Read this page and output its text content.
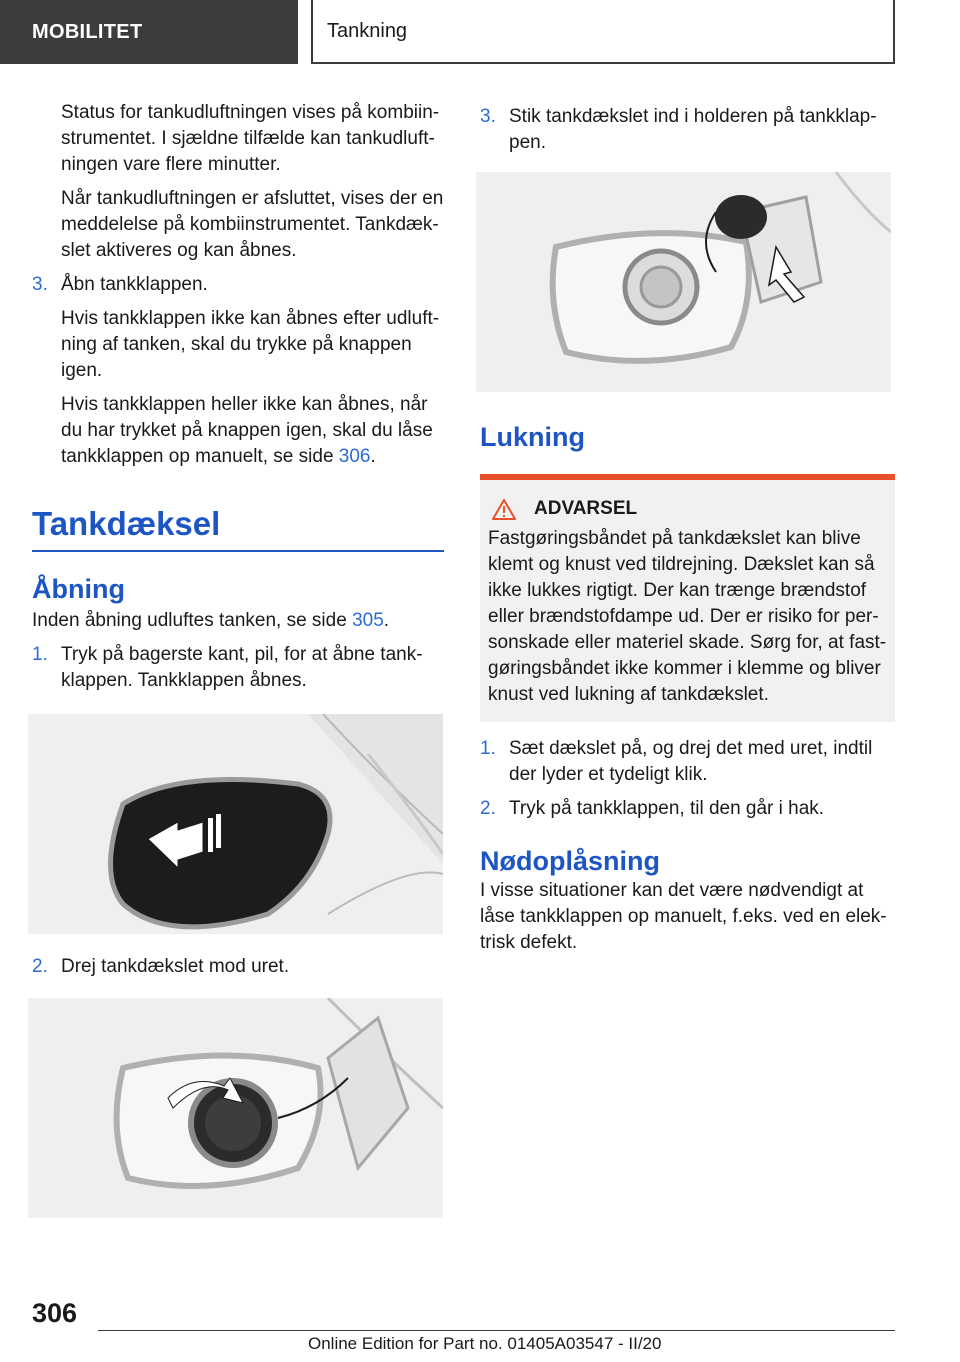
MOBILITET	Tankning

Status for tankudluftningen vises på kombiin-strumentet. I sjældne tilfælde kan tankudluft-ningen vare flere minutter.

Når tankudluftningen er afsluttet, vises der en meddelelse på kombiinstrumentet. Tankdæk-slet aktiveres og kan åbnes.

3. Åbn tankklappen.

Hvis tankklappen ikke kan åbnes efter udluft-ning af tanken, skal du trykke på knappen igen.

Hvis tankklappen heller ikke kan åbnes, når du har trykket på knappen igen, skal du låse tankklappen op manuelt, se side 306.

Tankdæksel
Åbning

Inden åbning udluftes tanken, se side 305.

1. Tryk på bagerste kant, pil, for at åbne tank-klappen. Tankklappen åbnes.
2. Drej tankdækslet mod uret.
3. Stik tankdækslet ind i holderen på tankklap-pen.
Lukning
ADVARSEL

Fastgøringsbåndet på tankdækslet kan blive klemt og knust ved tildrejning. Dækslet kan så ikke lukkes rigtigt. Der kan trænge brændstof eller brændstofdampe ud. Der er risiko for per-sonskade eller materiel skade. Sørg for, at fast-gøringsbåndet ikke kommer i klemme og bliver knust ved lukning af tankdækslet.

1. Sæt dækslet på, og drej det med uret, indtil der lyder et tydeligt klik.
2. Tryk på tankklappen, til den går i hak.
Nødoplåsning

I visse situationer kan det være nødvendigt at låse tankklappen op manuelt, f.eks. ved en elek-trisk defekt.

306
Online Edition for Part no. 01405A03547 - II/20
